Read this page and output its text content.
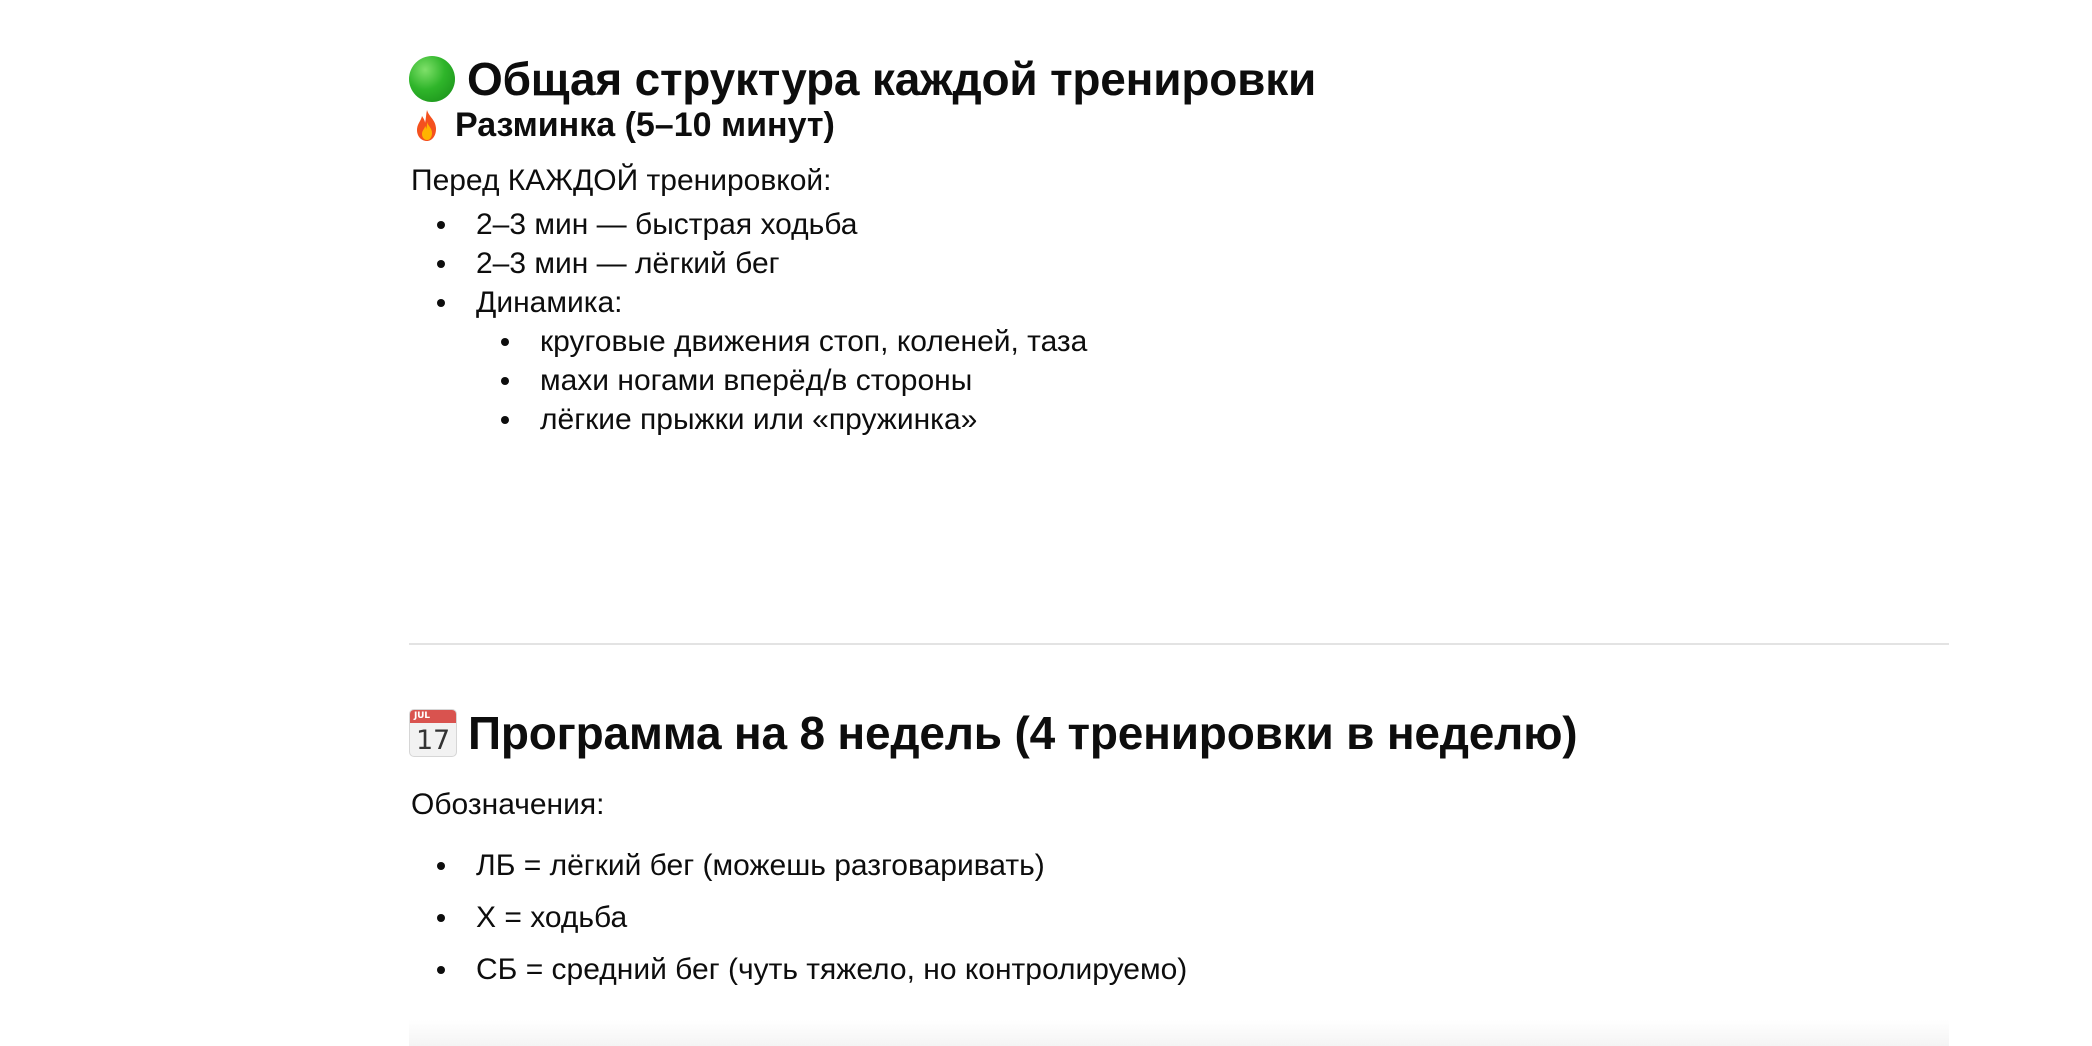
Общая структура каждой тренировки
Разминка (5–10 минут)
Перед КАЖДОЙ тренировкой:
2–3 мин — быстрая ходьба
2–3 мин — лёгкий бег
Динамика:
круговые движения стоп, коленей, таза
махи ногами вперёд/в стороны
лёгкие прыжки или «пружинка»
JUL
17 Программа на 8 недель (4 тренировки в неделю)
Обозначения:
ЛБ = лёгкий бег (можешь разговаривать)
Х = ходьба
СБ = средний бег (чуть тяжело, но контролируемо)
